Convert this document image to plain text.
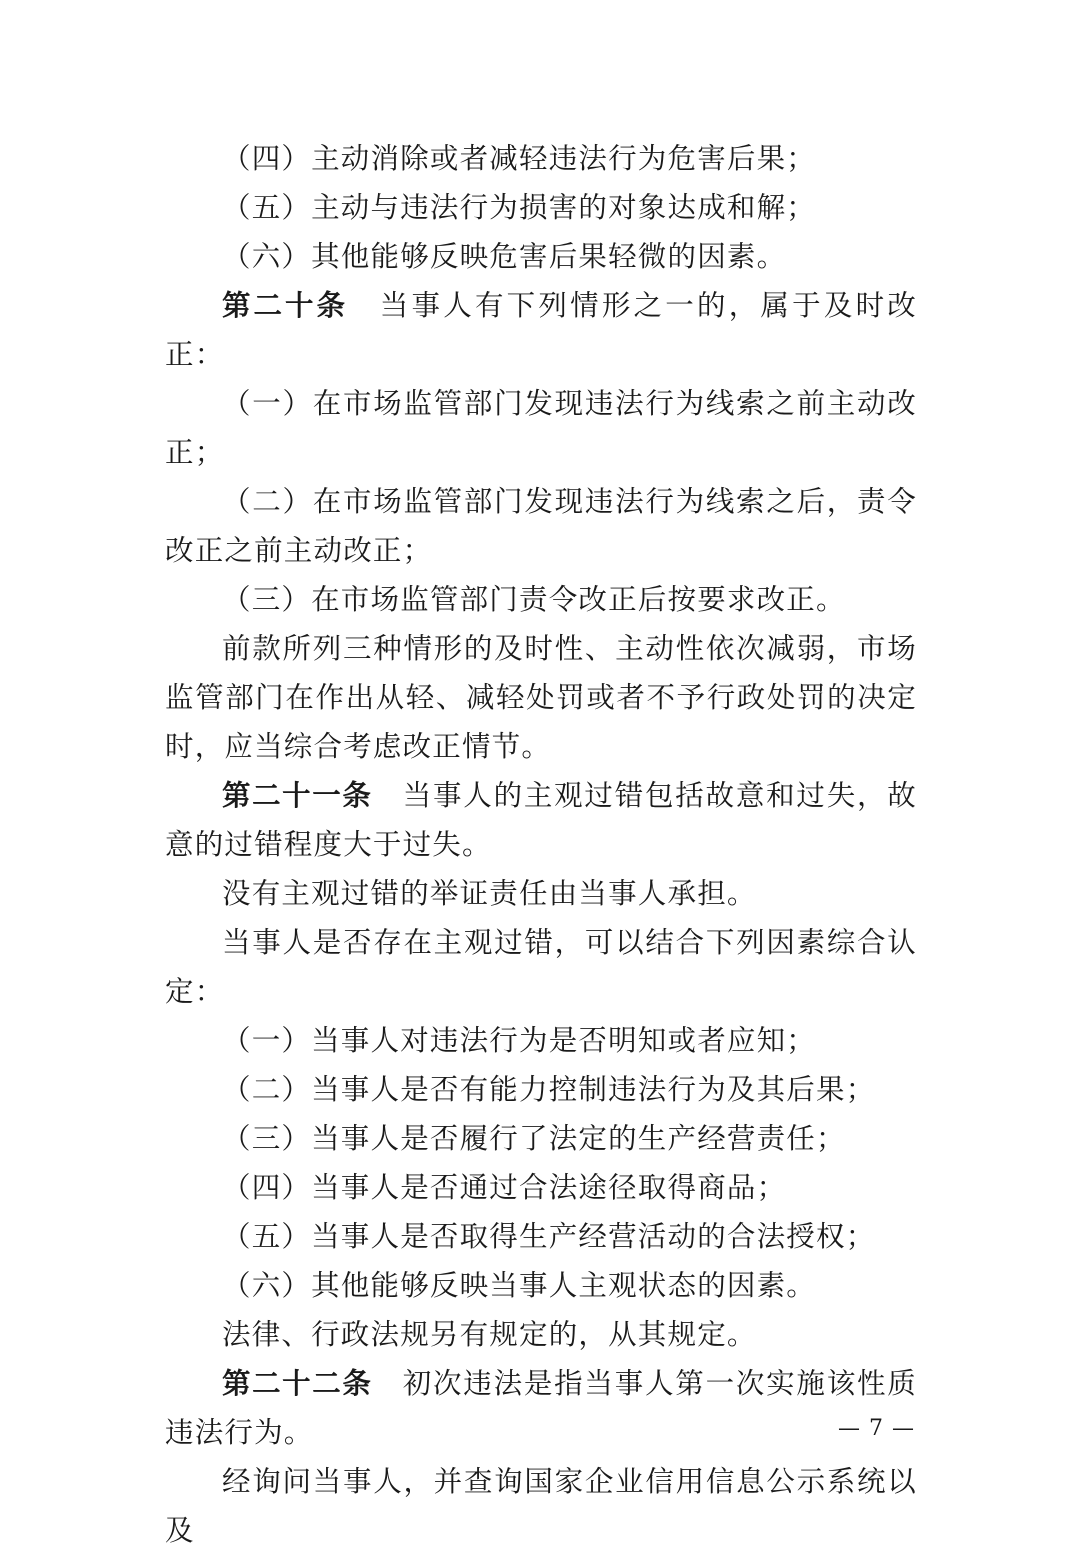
（四）主动消除或者减轻违法行为危害后果；

（五）主动与违法行为损害的对象达成和解；

（六）其他能够反映危害后果轻微的因素。

第二十条　当事人有下列情形之一的，属于及时改正：

（一）在市场监管部门发现违法行为线索之前主动改正；

（二）在市场监管部门发现违法行为线索之后，责令改正之前主动改正；

（三）在市场监管部门责令改正后按要求改正。

前款所列三种情形的及时性、主动性依次减弱，市场监管部门在作出从轻、减轻处罚或者不予行政处罚的决定时，应当综合考虑改正情节。

第二十一条　当事人的主观过错包括故意和过失，故意的过错程度大于过失。

没有主观过错的举证责任由当事人承担。

当事人是否存在主观过错，可以结合下列因素综合认定：

（一）当事人对违法行为是否明知或者应知；

（二）当事人是否有能力控制违法行为及其后果；

（三）当事人是否履行了法定的生产经营责任；

（四）当事人是否通过合法途径取得商品；

（五）当事人是否取得生产经营活动的合法授权；

（六）其他能够反映当事人主观状态的因素。

法律、行政法规另有规定的，从其规定。

第二十二条　初次违法是指当事人第一次实施该性质违法行为。

经询问当事人，并查询国家企业信用信息公示系统以及

— 7 —
